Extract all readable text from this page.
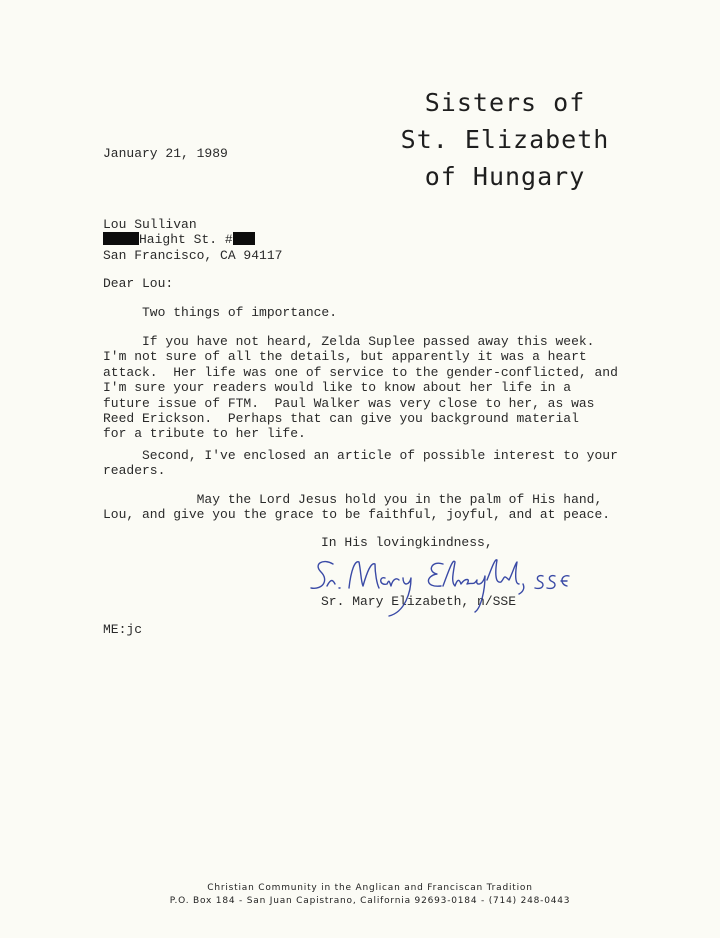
Sisters of
St. Elizabeth
of Hungary
January 21, 1989
Lou Sullivan
Haight St. #
San Francisco, CA 94117
Dear Lou:
Two things of importance.
If you have not heard, Zelda Suplee passed away this week.
I'm not sure of all the details, but apparently it was a heart
attack.  Her life was one of service to the gender-conflicted, and
I'm sure your readers would like to know about her life in a
future issue of FTM.  Paul Walker was very close to her, as was
Reed Erickson.  Perhaps that can give you background material
for a tribute to her life.
Second, I've enclosed an article of possible interest to your
readers.
May the Lord Jesus hold you in the palm of His hand,
Lou, and give you the grace to be faithful, joyful, and at peace.
In His lovingkindness,
Sr. Mary Elizabeth, n/SSE
ME:jc
Christian Community in the Anglican and Franciscan Tradition
P.O. Box 184 - San Juan Capistrano, California 92693-0184 - (714) 248-0443
